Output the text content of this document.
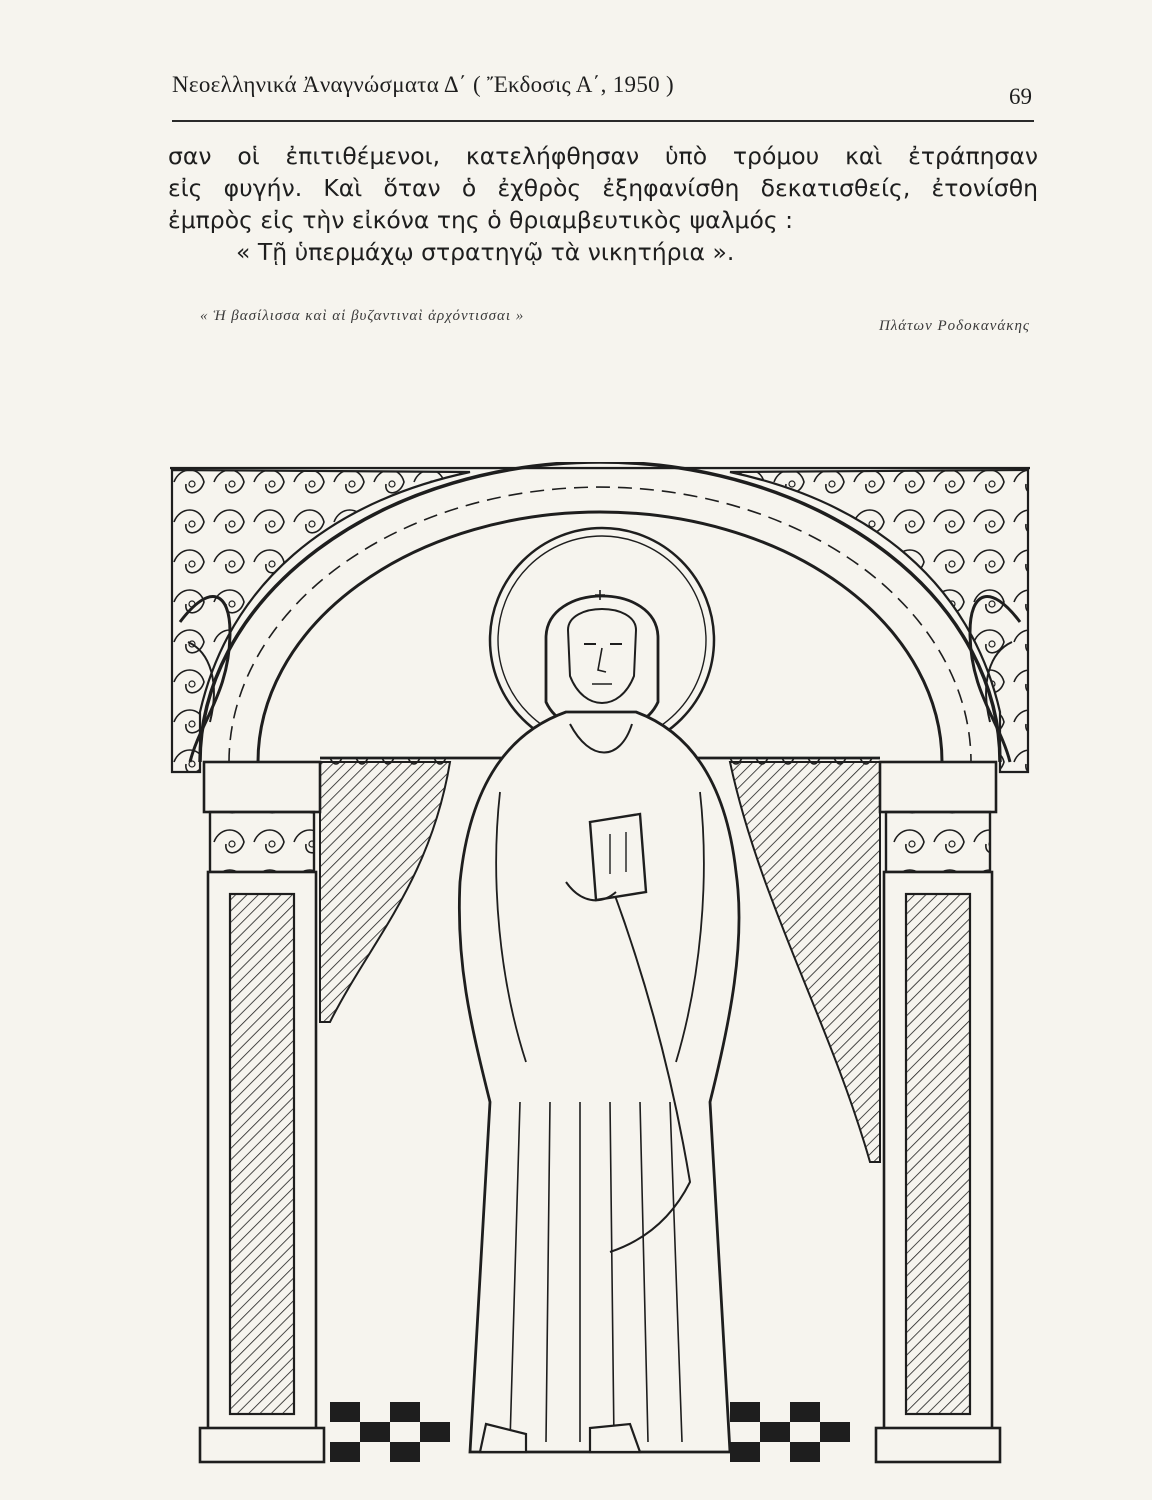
Νεοελληνικά Ἀναγνώσματα Δ΄ ( Ἔκδοσις Α΄, 1950 )	69
σαν οἱ ἐπιτιθέμενοι, κατελήφθησαν ὑπὸ τρόμου καὶ ἐτράπησαν
εἰς φυγήν. Καὶ ὅταν ὁ ἐχθρὸς ἐξηφανίσθη δεκατισθείς, ἐτονίσθη
ἐμπρὸς εἰς τὴν εἰκόνα της ὁ θριαμβευτικὸς ψαλμός :
« Τῇ ὑπερμάχῳ στρατηγῷ τὰ νικητήρια ».
« Ἡ βασίλισσα καὶ αἱ βυζαντιναὶ ἀρχόντισσαι »
Πλάτων Ροδοκανάκης
